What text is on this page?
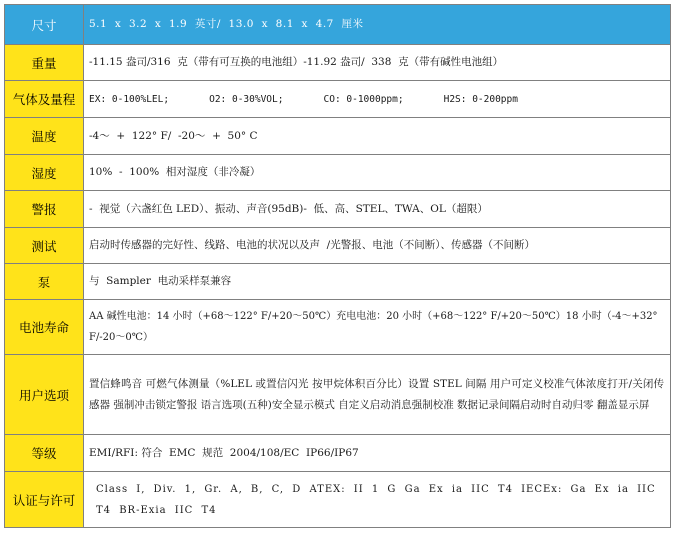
尺寸	5.1  x  3.2  x  1.9  英寸/  13.0  x  8.1  x  4.7  厘米
重量	-11.15 盎司/316  克（带有可互换的电池组）-11.92 盎司/  338  克（带有碱性电池组）
气体及量程	EX: 0-100%LEL;       O2: 0-30%VOL;       CO: 0-1000ppm;       H2S: 0-200ppm
温度	-4～  +  122° F/  -20～  +  50° C
湿度	10%  -  100%  相对湿度（非冷凝）
警报	-  视觉（六盏红色 LED）、振动、声音(95dB)-  低、高、STEL、TWA、OL（超限）
测试	启动时传感器的完好性、线路、电池的状况以及声  /光警报、电池（不间断）、传感器（不间断）
泵	与  Sampler  电动采样泵兼容
电池寿命	AA 碱性电池：14 小时（+68～122° F/+20～50℃）充电电池：20 小时（+68～122° F/+20～50℃）18 小时（-4～+32° F/-20～0℃）
用户选项	置信蜂鸣音 可燃气体测量（%LEL 或置信闪光 按甲烷体积百分比）设置 STEL 间隔 用户可定义校准气体浓度打开/关闭传感器 强制冲击锁定警报 语言选项(五种)安全显示模式 自定义启动消息强制校准 数据记录间隔启动时自动归零 翻盖显示屏
等级	EMI/RFI: 符合  EMC  规范  2004/108/EC  IP66/IP67
认证与许可	Class I, Div. 1, Gr. A, B, C, D ATEX: II 1 G Ga Ex ia IIC T4 IECEx: Ga Ex ia IIC T4 BR-Exia IIC T4
